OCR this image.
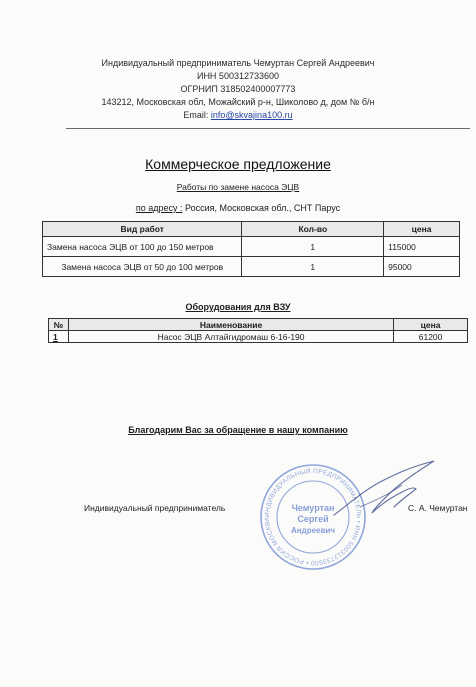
Индивидуальный предприниматель Чемуртан Сергей Андреевич
ИНН 500312733600
ОГРНИП 318502400007773
143212, Московская обл, Можайский р-н, Шиколово д, дом № б/н
Email: info@skvajina100.ru
Коммерческое предложение
Работы по замене насоса ЭЦВ
по адресу : Россия, Московская обл., СНТ Парус
Вид работ	Кол-во	цена
Замена насоса ЭЦВ от 100 до 150 метров	1	115000
Замена насоса ЭЦВ от 50 до 100 метров	1	95000
Оборудования для ВЗУ
№	Наименование	цена
1	Насос ЭЦВ Алтайгидромаш 6-16-190	61200
Благодарим Вас за обращение в нашу компанию
Индивидуальный предприниматель
ИНДИВИДУАЛЬНЫЙ ПРЕДПРИНИМАТЕЛЬ • ИНН 500312733600 • РОССИЯ МОСКВА
Чемуртан
Сергей
Андреевич
С. А. Чемуртан
